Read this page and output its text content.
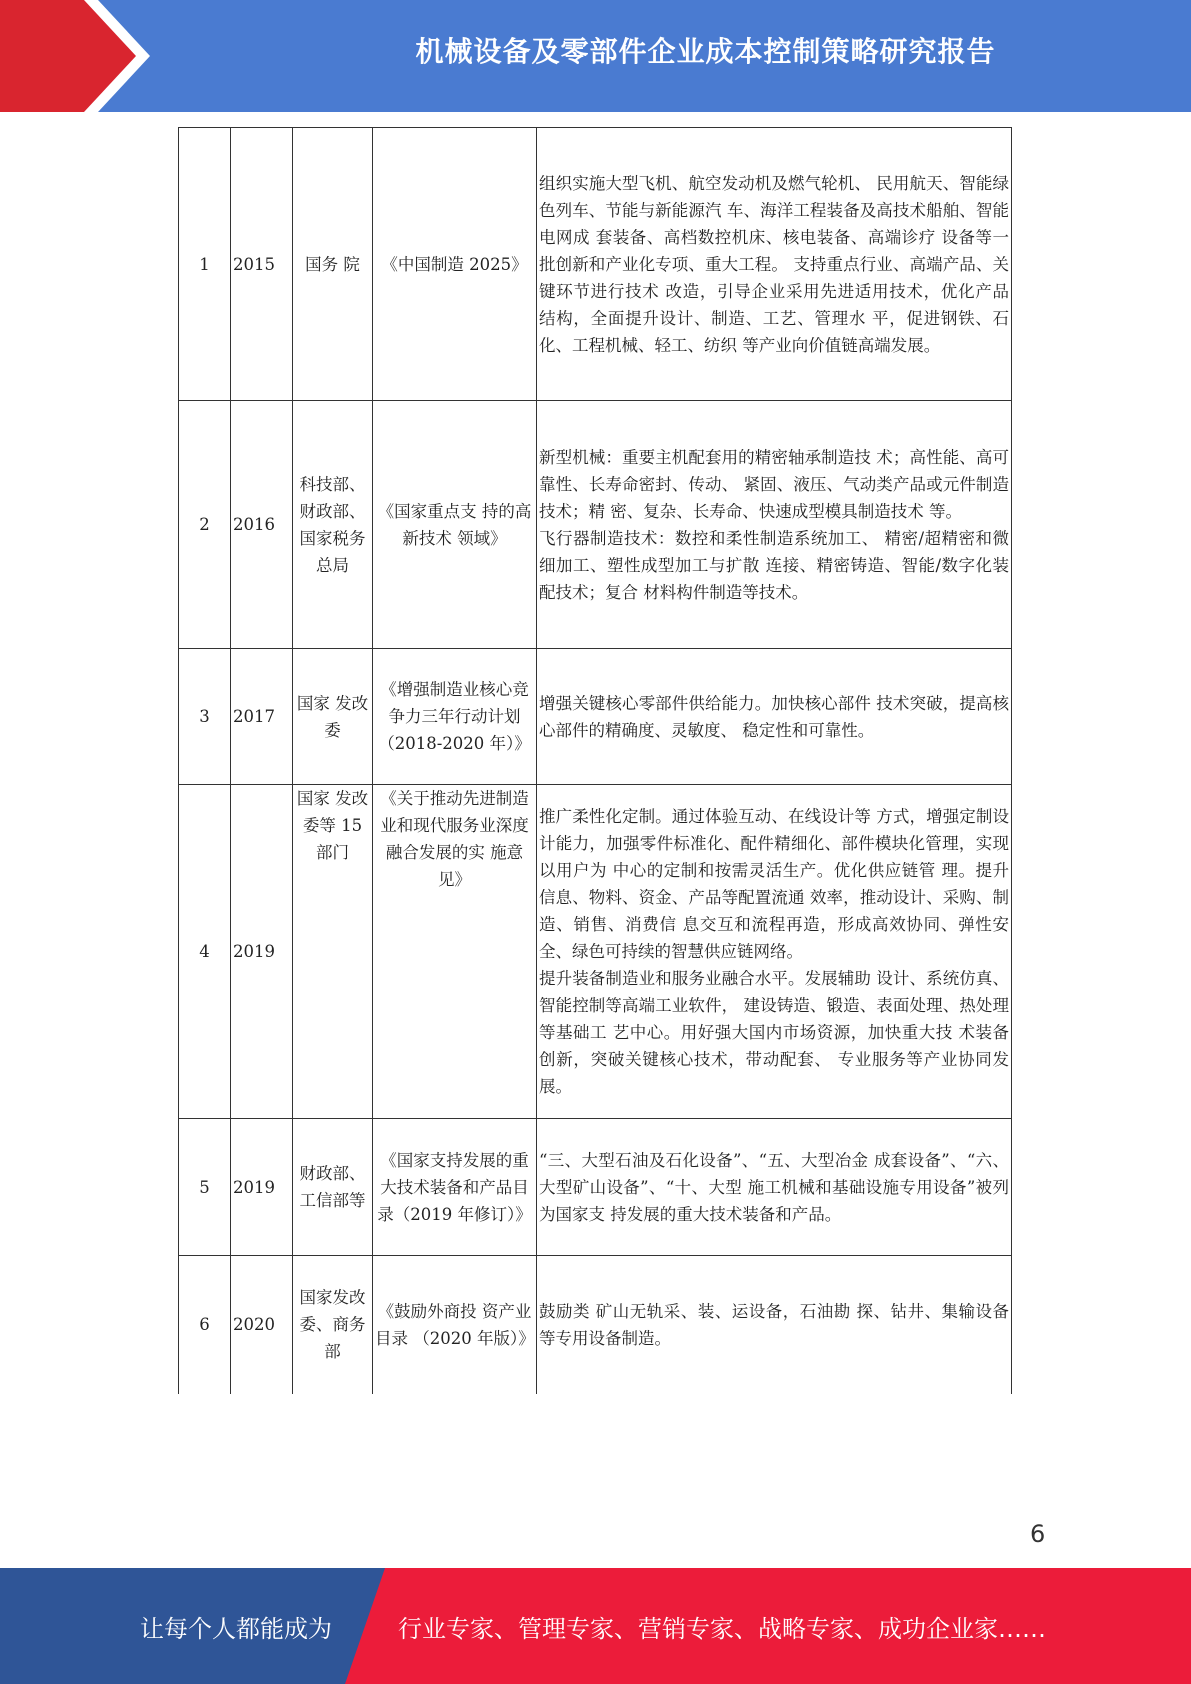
机械设备及零部件企业成本控制策略研究报告
1	2015	国务 院	《中国制造 2025》	组织实施大型飞机、航空发动机及燃气轮机、 民用航天、智能绿色列车、节能与新能源汽 车、海洋工程装备及高技术船舶、智能电网成 套装备、高档数控机床、核电装备、高端诊疗 设备等一批创新和产业化专项、重大工程。 支持重点行业、高端产品、关键环节进行技术 改造，引导企业采用先进适用技术，优化产品 结构，全面提升设计、制造、工艺、管理水 平，促进钢铁、石化、工程机械、轻工、纺织 等产业向价值链高端发展。
2	2016	科技部、财政部、国家税务总局	《国家重点支 持的高新技术 领域》	新型机械：重要主机配套用的精密轴承制造技 术；高性能、高可靠性、长寿命密封、传动、 紧固、液压、气动类产品或元件制造技术；精 密、复杂、长寿命、快速成型模具制造技术 等。
飞行器制造技术：数控和柔性制造系统加工、 精密/超精密和微细加工、塑性成型加工与扩散 连接、精密铸造、智能/数字化装配技术；复合 材料构件制造等技术。
3	2017	国家 发改 委	《增强制造业核心竞争力三年行动计划（2018-2020 年）》	增强关键核心零部件供给能力。加快核心部件 技术突破，提高核心部件的精确度、灵敏度、 稳定性和可靠性。
4	2019	国家 发改委等 15 部门	《关于推动先进制造业和现代服务业深度 融合发展的实 施意见》	推广柔性化定制。通过体验互动、在线设计等 方式，增强定制设计能力，加强零件标准化、配件精细化、部件模块化管理，实现以用户为 中心的定制和按需灵活生产。优化供应链管 理。提升信息、物料、资金、产品等配置流通 效率，推动设计、采购、制造、销售、消费信 息交互和流程再造，形成高效协同、弹性安全、绿色可持续的智慧供应链网络。
提升装备制造业和服务业融合水平。发展辅助 设计、系统仿真、智能控制等高端工业软件， 建设铸造、锻造、表面处理、热处理等基础工 艺中心。用好强大国内市场资源，加快重大技 术装备创新，突破关键核心技术，带动配套、 专业服务等产业协同发展。
5	2019	财政部、工信部等	《国家支持发展的重大技术装备和产品目录（2019 年修订）》	“三、大型石油及石化设备”、“五、大型冶金 成套设备”、“六、大型矿山设备”、“十、大型 施工机械和基础设施专用设备”被列为国家支 持发展的重大技术装备和产品。
6	2020	国家发改委、商务部	《鼓励外商投 资产业目录 （2020 年版）》	鼓励类 矿山无轨采、装、运设备，石油勘 探、钻井、集输设备等专用设备制造。
6
让每个人都能成为	行业专家、管理专家、营销专家、战略专家、成功企业家……
